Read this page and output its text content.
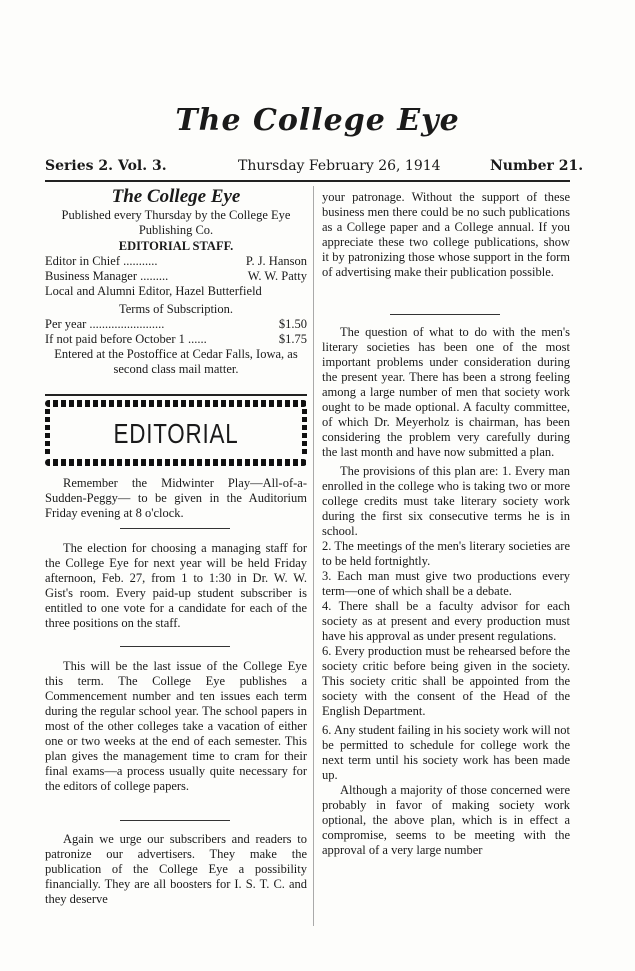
The College Eye
Series 2. Vol. 3.	Thursday February 26, 1914	Number 21.
The College Eye
Published every Thursday by the College Eye Publishing Co.
EDITORIAL STAFF.
Editor in Chief ...........	P. J. Hanson
Business Manager .........	W. W. Patty
Local and Alumni Editor, Hazel Butterfield
Terms of Subscription.
Per year ........................	$1.50
If not paid before October 1 ......	$1.75
Entered at the Postoffice at Cedar Falls, Iowa, as second class mail matter.
EDITORIAL

Remember the Midwinter Play—All-of-a-Sudden-Peggy— to be given in the Auditorium Friday evening at 8 o'clock.

The election for choosing a managing staff for the College Eye for next year will be held Friday afternoon, Feb. 27, from 1 to 1:30 in Dr. W. W. Gist's room. Every paid-up student subscriber is entitled to one vote for a candidate for each of the three positions on the staff.

This will be the last issue of the College Eye this term. The College Eye publishes a Commencement number and ten issues each term during the regular school year. The school papers in most of the other colleges take a vacation of either one or two weeks at the end of each semester. This plan gives the management time to cram for their final exams—a process usually quite necessary for the editors of college papers.

Again we urge our subscribers and readers to patronize our advertisers. They make the publication of the College Eye a possibility financially. They are all boosters for I. S. T. C. and they deserve

your patronage. Without the support of these business men there could be no such publications as a College paper and a College annual. If you appreciate these two college publications, show it by patronizing those whose support in the form of advertising make their publication possible.

The question of what to do with the men's literary societies has been one of the most important problems under consideration during the present year. There has been a strong feeling among a large number of men that society work ought to be made optional. A faculty committee, of which Dr. Meyerholz is chairman, has been considering the problem very carefully during the last month and have now submitted a plan.

The provisions of this plan are: 1. Every man enrolled in the college who is taking two or more college credits must take literary society work during the first six consecutive terms he is in school.

2. The meetings of the men's literary societies are to be held fortnightly.

3. Each man must give two productions every term—one of which shall be a debate.

4. There shall be a faculty advisor for each society as at present and every production must have his approval as under present regulations.

6. Every production must be rehearsed before the society critic before being given in the society. This society critic shall be appointed from the society with the consent of the Head of the English Department.

6. Any student failing in his society work will not be permitted to schedule for college work the next term until his society work has been made up.

Although a majority of those concerned were probably in favor of making society work optional, the above plan, which is in effect a compromise, seems to be meeting with the approval of a very large number
